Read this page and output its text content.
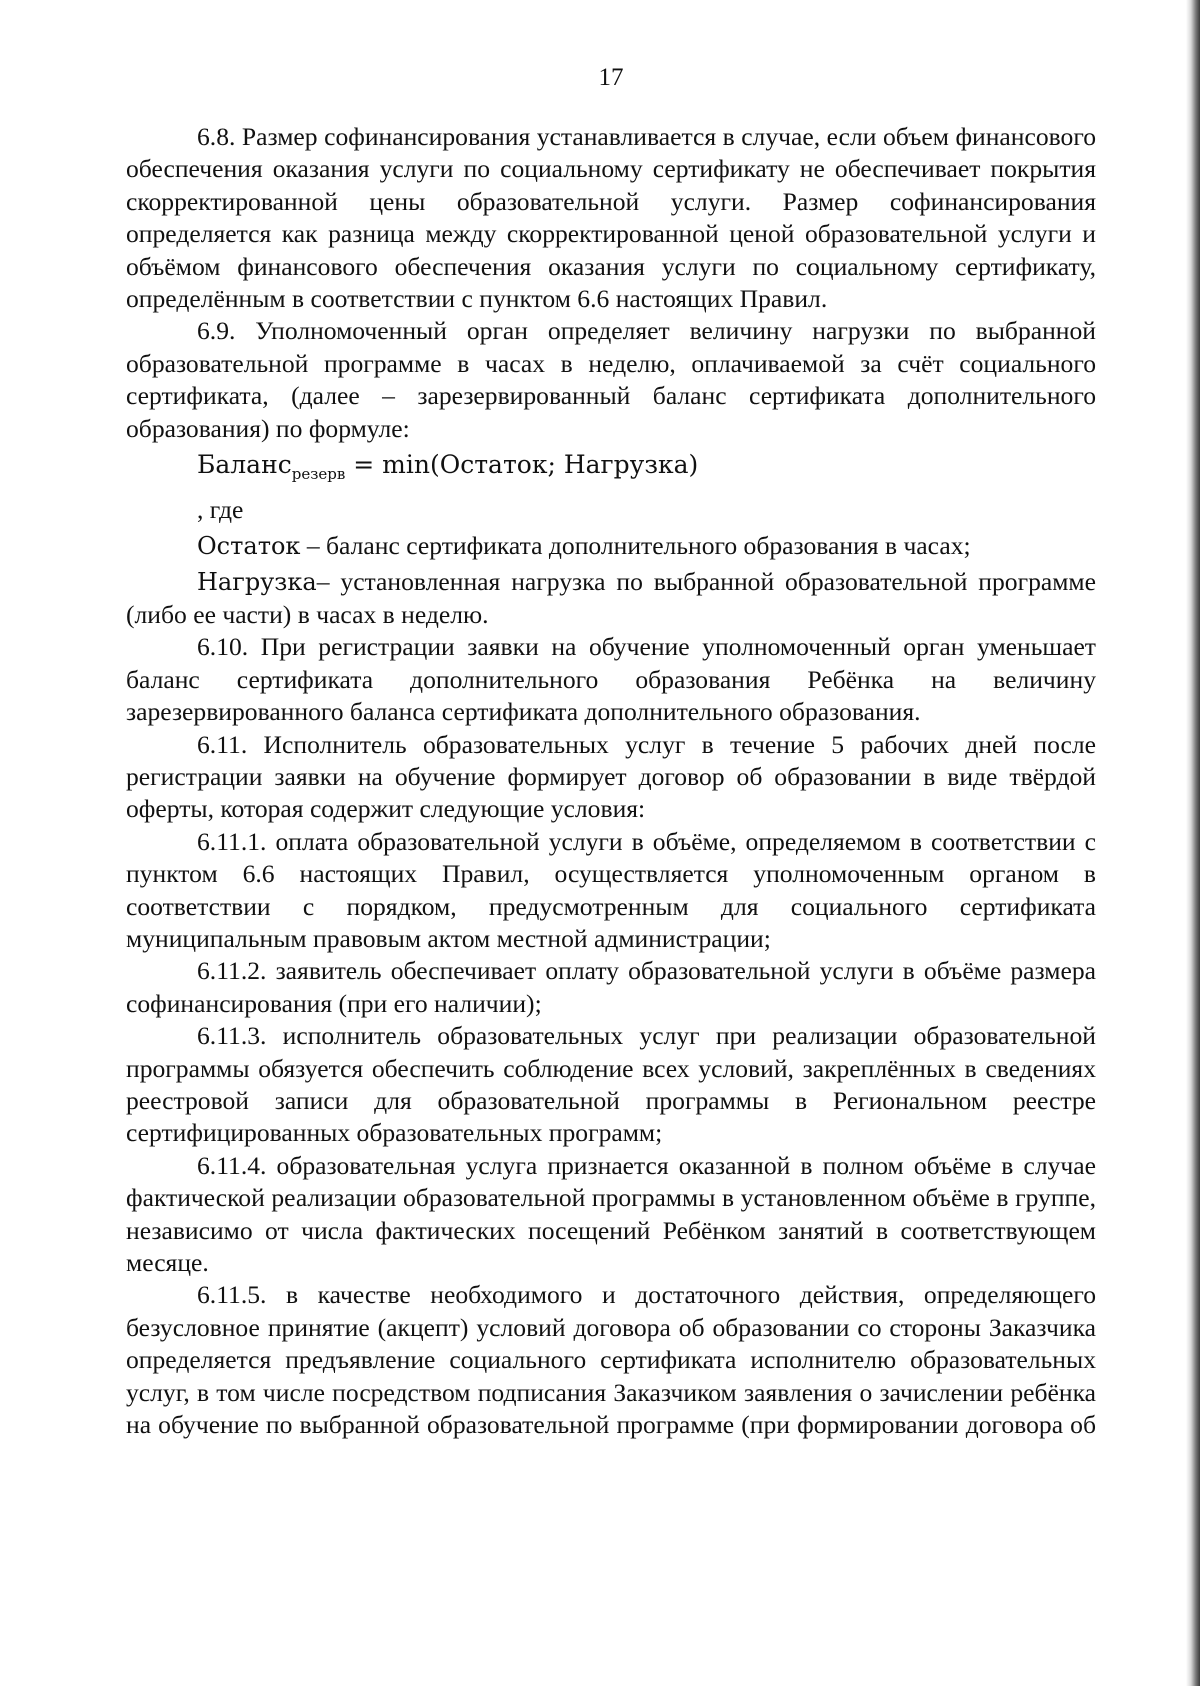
17

6.8. Размер софинансирования устанавливается в случае, если объем финансового обеспечения оказания услуги по социальному сертификату не обеспечивает покрытия скорректированной цены образовательной услуги. Размер софинансирования определяется как разница между скорректированной ценой образовательной услуги и объёмом финансового обеспечения оказания услуги по социальному сертификату, определённым в соответствии с пунктом 6.6 настоящих Правил.

6.9. Уполномоченный орган определяет величину нагрузки по выбранной образовательной программе в часах в неделю, оплачиваемой за счёт социального сертификата, (далее – зарезервированный баланс сертификата дополнительного образования) по формуле:

Баланс$_{резерв}$ = min(Остаток; Нагрузка)
, где

Остаток – баланс сертификата дополнительного образования в часах;

Нагрузка– установленная нагрузка по выбранной образовательной программе (либо ее части) в часах в неделю.

6.10. При регистрации заявки на обучение уполномоченный орган уменьшает баланс сертификата дополнительного образования Ребёнка на величину зарезервированного баланса сертификата дополнительного образования.

6.11. Исполнитель образовательных услуг в течение 5 рабочих дней после регистрации заявки на обучение формирует договор об образовании в виде твёрдой оферты, которая содержит следующие условия:

6.11.1. оплата образовательной услуги в объёме, определяемом в соответствии с пунктом 6.6 настоящих Правил, осуществляется уполномоченным органом в соответствии с порядком, предусмотренным для социального сертификата муниципальным правовым актом местной администрации;

6.11.2. заявитель обеспечивает оплату образовательной услуги в объёме размера софинансирования (при его наличии);

6.11.3. исполнитель образовательных услуг при реализации образовательной программы обязуется обеспечить соблюдение всех условий, закреплённых в сведениях реестровой записи для образовательной программы в Региональном реестре сертифицированных образовательных программ;

6.11.4. образовательная услуга признается оказанной в полном объёме в случае фактической реализации образовательной программы в установленном объёме в группе, независимо от числа фактических посещений Ребёнком занятий в соответствующем месяце.

6.11.5. в качестве необходимого и достаточного действия, определяющего безусловное принятие (акцепт) условий договора об образовании со стороны Заказчика определяется предъявление социального сертификата исполнителю образовательных услуг, в том числе посредством подписания Заказчиком заявления о зачислении ребёнка на обучение по выбранной образовательной программе (при формировании договора об
